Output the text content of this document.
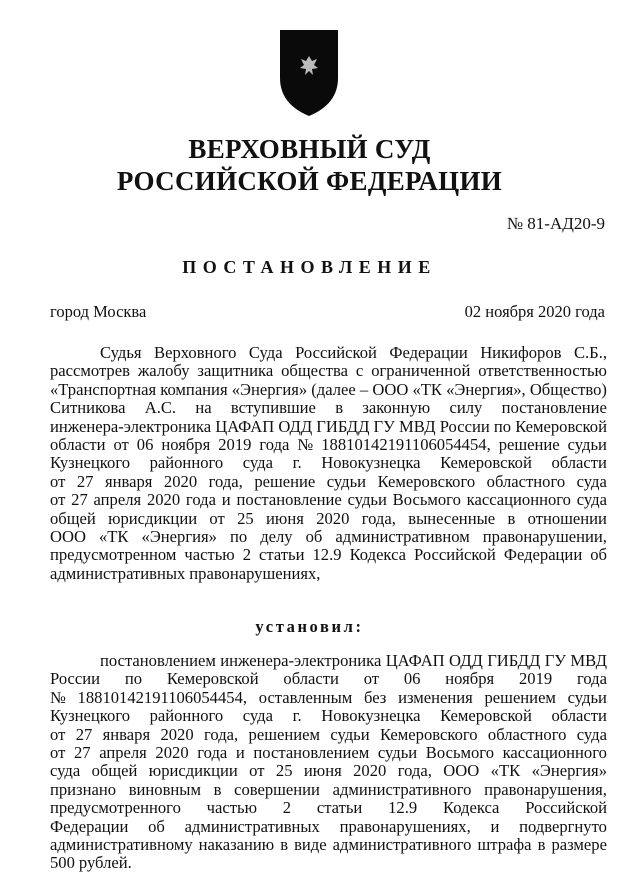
ВЕРХОВНЫЙ СУД
РОССИЙСКОЙ ФЕДЕРАЦИИ
№ 81-АД20-9
ПОСТАНОВЛЕНИЕ
город Москва	02 ноября 2020 года
Судья Верховного Суда Российской Федерации Никифоров С.Б.,
рассмотрев жалобу защитника общества с ограниченной ответственностью
«Транспортная компания «Энергия» (далее – ООО «ТК «Энергия», Общество)
Ситникова А.С. на вступившие в законную силу постановление
инженера-электроника ЦАФАП ОДД ГИБДД ГУ МВД России по Кемеровской
области от 06 ноября 2019 года № 18810142191106054454, решение судьи
Кузнецкого районного суда г. Новокузнецка Кемеровской области
от 27 января 2020 года, решение судьи Кемеровского областного суда
от 27 апреля 2020 года и постановление судьи Восьмого кассационного суда
общей юрисдикции от 25 июня 2020 года, вынесенные в отношении
ООО «ТК «Энергия» по делу об административном правонарушении,
предусмотренном частью 2 статьи 12.9 Кодекса Российской Федерации об
административных правонарушениях,
установил:
постановлением инженера-электроника ЦАФАП ОДД ГИБДД ГУ МВД
России по Кемеровской области от 06 ноября 2019 года
№ 18810142191106054454, оставленным без изменения решением судьи
Кузнецкого районного суда г. Новокузнецка Кемеровской области
от 27 января 2020 года, решением судьи Кемеровского областного суда
от 27 апреля 2020 года и постановлением судьи Восьмого кассационного
суда общей юрисдикции от 25 июня 2020 года, ООО «ТК «Энергия»
признано виновным в совершении административного правонарушения,
предусмотренного частью 2 статьи 12.9 Кодекса Российской
Федерации об административных правонарушениях, и подвергнуто
административному наказанию в виде административного штрафа в размере
500 рублей.
